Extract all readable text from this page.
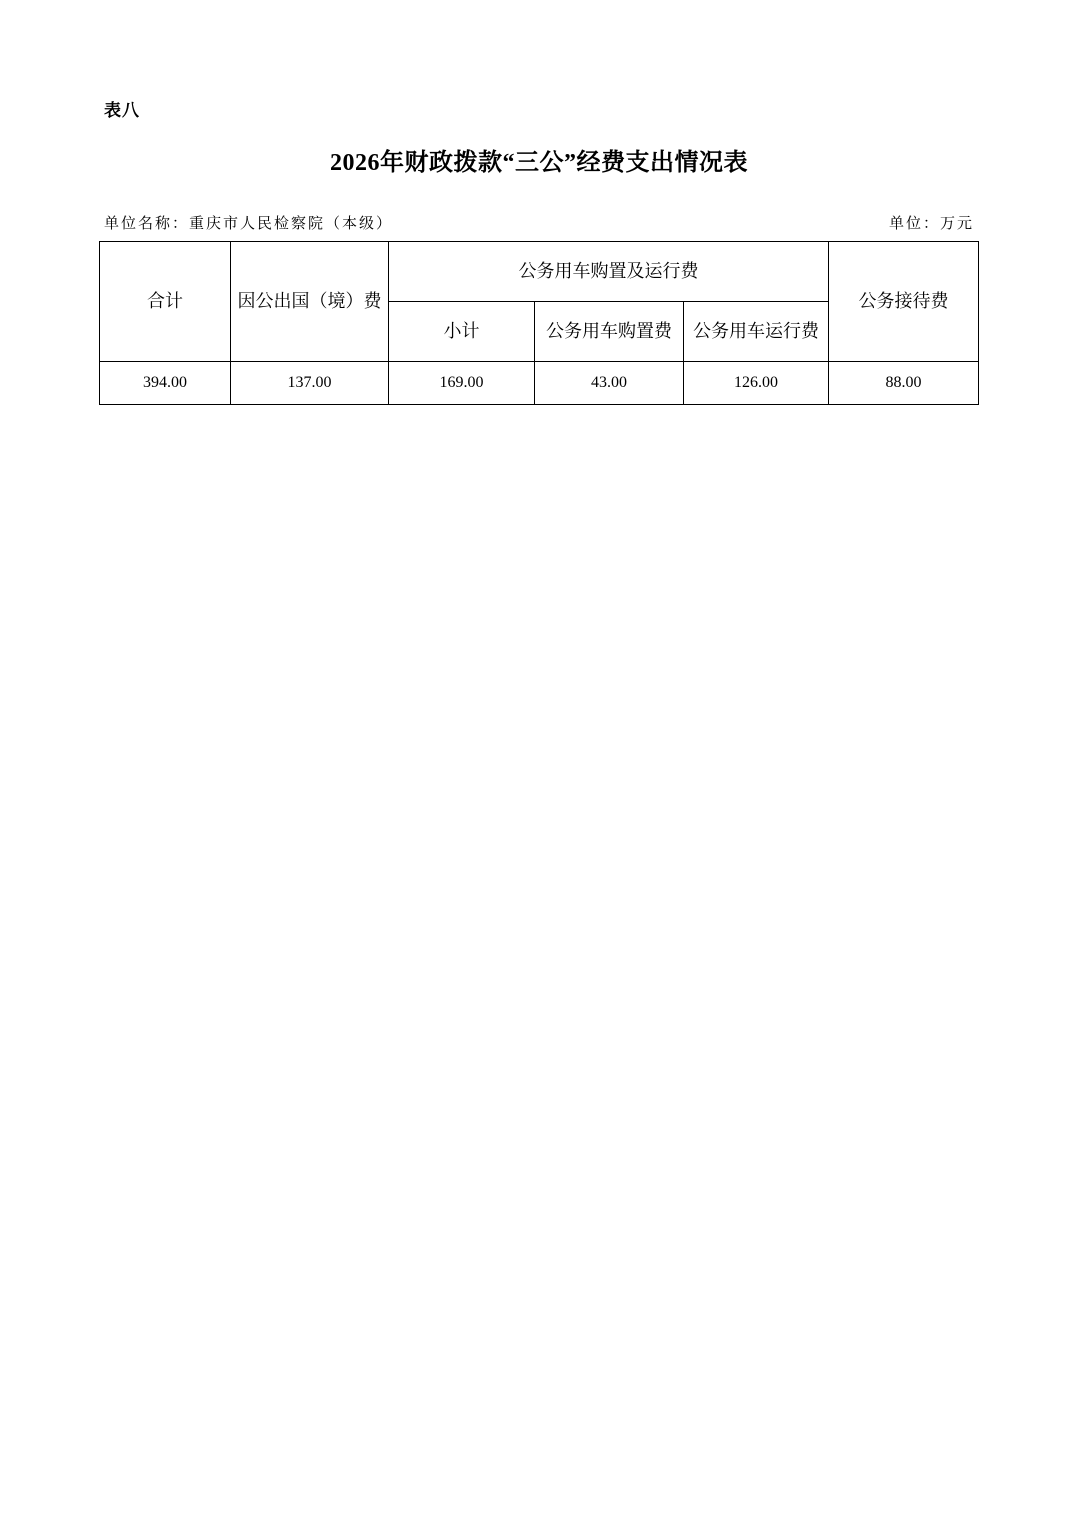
表八
2026年财政拨款“三公”经费支出情况表
单位名称：重庆市人民检察院（本级）	单位：万元
合计	因公出国（境）费	公务用车购置及运行费			公务接待费
		小计	公务用车购置费	公务用车运行费	
394.00	137.00	169.00	43.00	126.00	88.00
